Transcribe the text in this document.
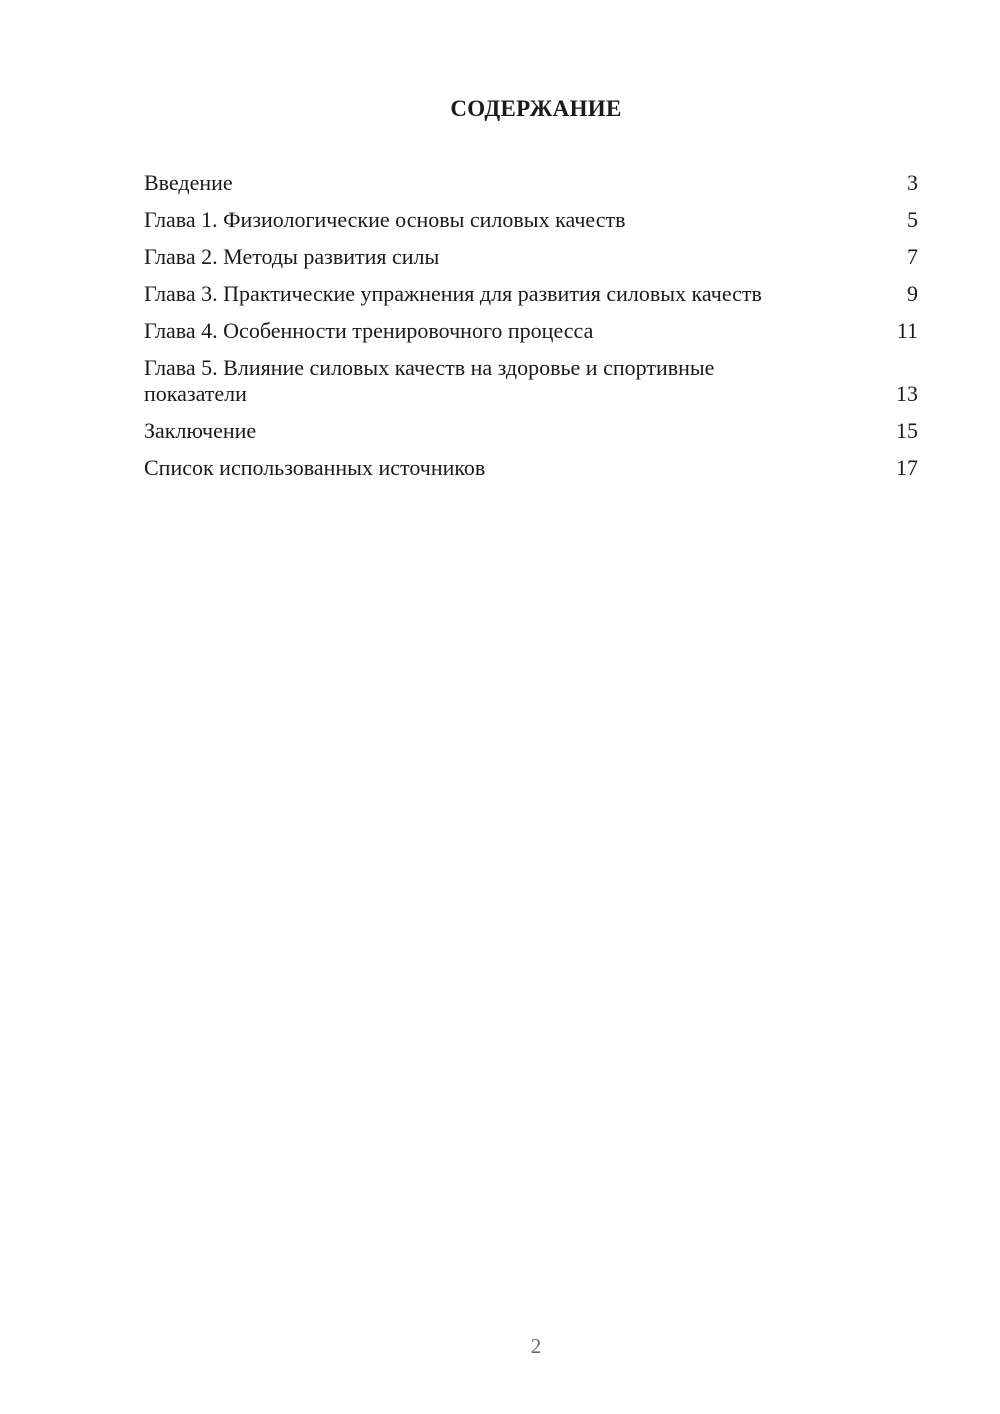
СОДЕРЖАНИЕ
Введение	3
Глава 1. Физиологические основы силовых качеств	5
Глава 2. Методы развития силы	7
Глава 3. Практические упражнения для развития силовых качеств	9
Глава 4. Особенности тренировочного процесса	11
Глава 5. Влияние силовых качеств на здоровье и спортивные показатели	13
Заключение	15
Список использованных источников	17

2
